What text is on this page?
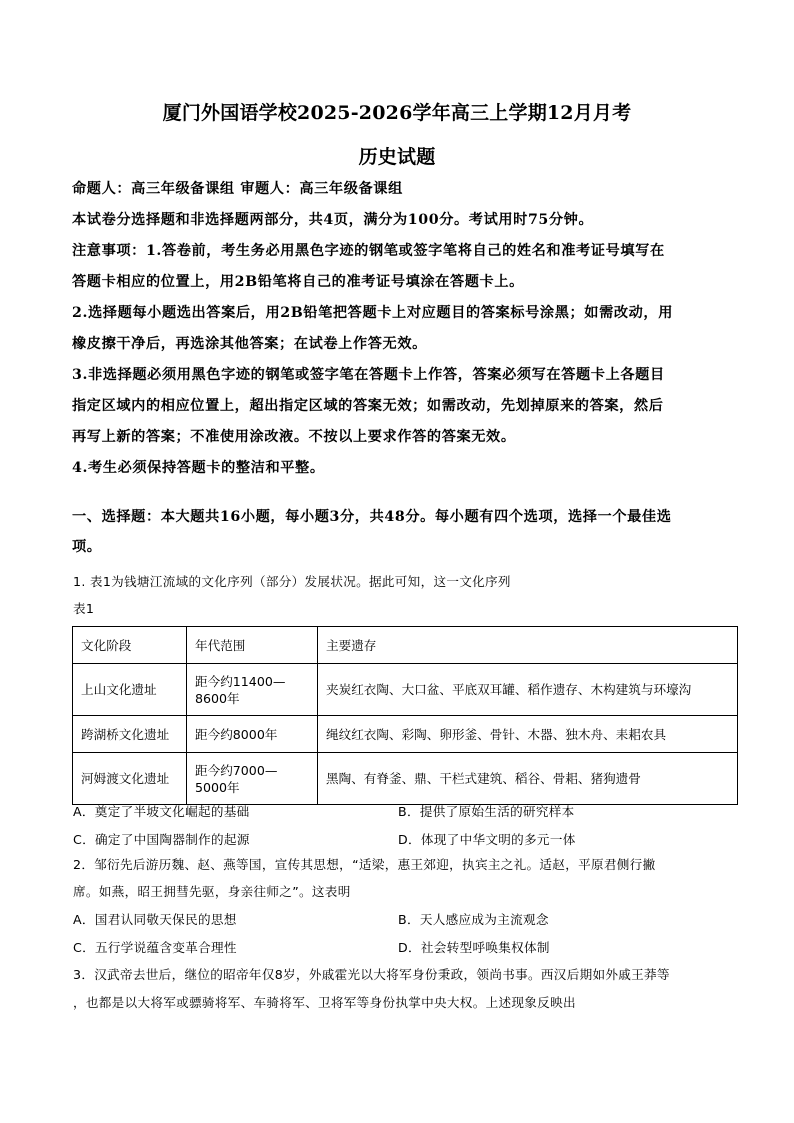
厦门外国语学校2025-2026学年高三上学期12月月考
历史试题
命题人：高三年级备课组 审题人：高三年级备课组
本试卷分选择题和非选择题两部分，共4页，满分为100分。考试用时75分钟。
注意事项：1.答卷前，考生务必用黑色字迹的钢笔或签字笔将自己的姓名和准考证号填写在
答题卡相应的位置上，用2B铅笔将自己的准考证号填涂在答题卡上。
2.选择题每小题选出答案后，用2B铅笔把答题卡上对应题目的答案标号涂黑；如需改动，用
橡皮擦干净后，再选涂其他答案；在试卷上作答无效。
3.非选择题必须用黑色字迹的钢笔或签字笔在答题卡上作答，答案必须写在答题卡上各题目
指定区域内的相应位置上，超出指定区域的答案无效；如需改动，先划掉原来的答案，然后
再写上新的答案；不准使用涂改液。不按以上要求作答的答案无效。
4.考生必须保持答题卡的整洁和平整。
一、选择题：本大题共16小题，每小题3分，共48分。每小题有四个选项，选择一个最佳选
项。
1. 表1为钱塘江流域的文化序列（部分）发展状况。据此可知，这一文化序列
表1
文化阶段	年代范围	主要遗存
上山文化遗址	距今约11400—
8600年	夹炭红衣陶、大口盆、平底双耳罐、稻作遗存、木构建筑与环壕沟
跨湖桥文化遗址	距今约8000年	绳纹红衣陶、彩陶、卵形釜、骨针、木器、独木舟、耒耜农具
河姆渡文化遗址	距今约7000—
5000年	黑陶、有脊釜、鼎、干栏式建筑、稻谷、骨耜、猪狗遗骨
A．奠定了半坡文化崛起的基础	B．提供了原始生活的研究样本
C．确定了中国陶器制作的起源	D．体现了中华文明的多元一体
2．邹衍先后游历魏、赵、燕等国，宣传其思想，“适梁，惠王郊迎，执宾主之礼。适赵，平原君侧行撇
席。如燕，昭王拥彗先驱，身亲往师之”。这表明
A．国君认同敬天保民的思想	B．天人感应成为主流观念
C．五行学说蕴含变革合理性	D．社会转型呼唤集权体制
3．汉武帝去世后，继位的昭帝年仅8岁，外戚霍光以大将军身份秉政，领尚书事。西汉后期如外戚王莽等
，也都是以大将军或骠骑将军、车骑将军、卫将军等身份执掌中央大权。上述现象反映出
